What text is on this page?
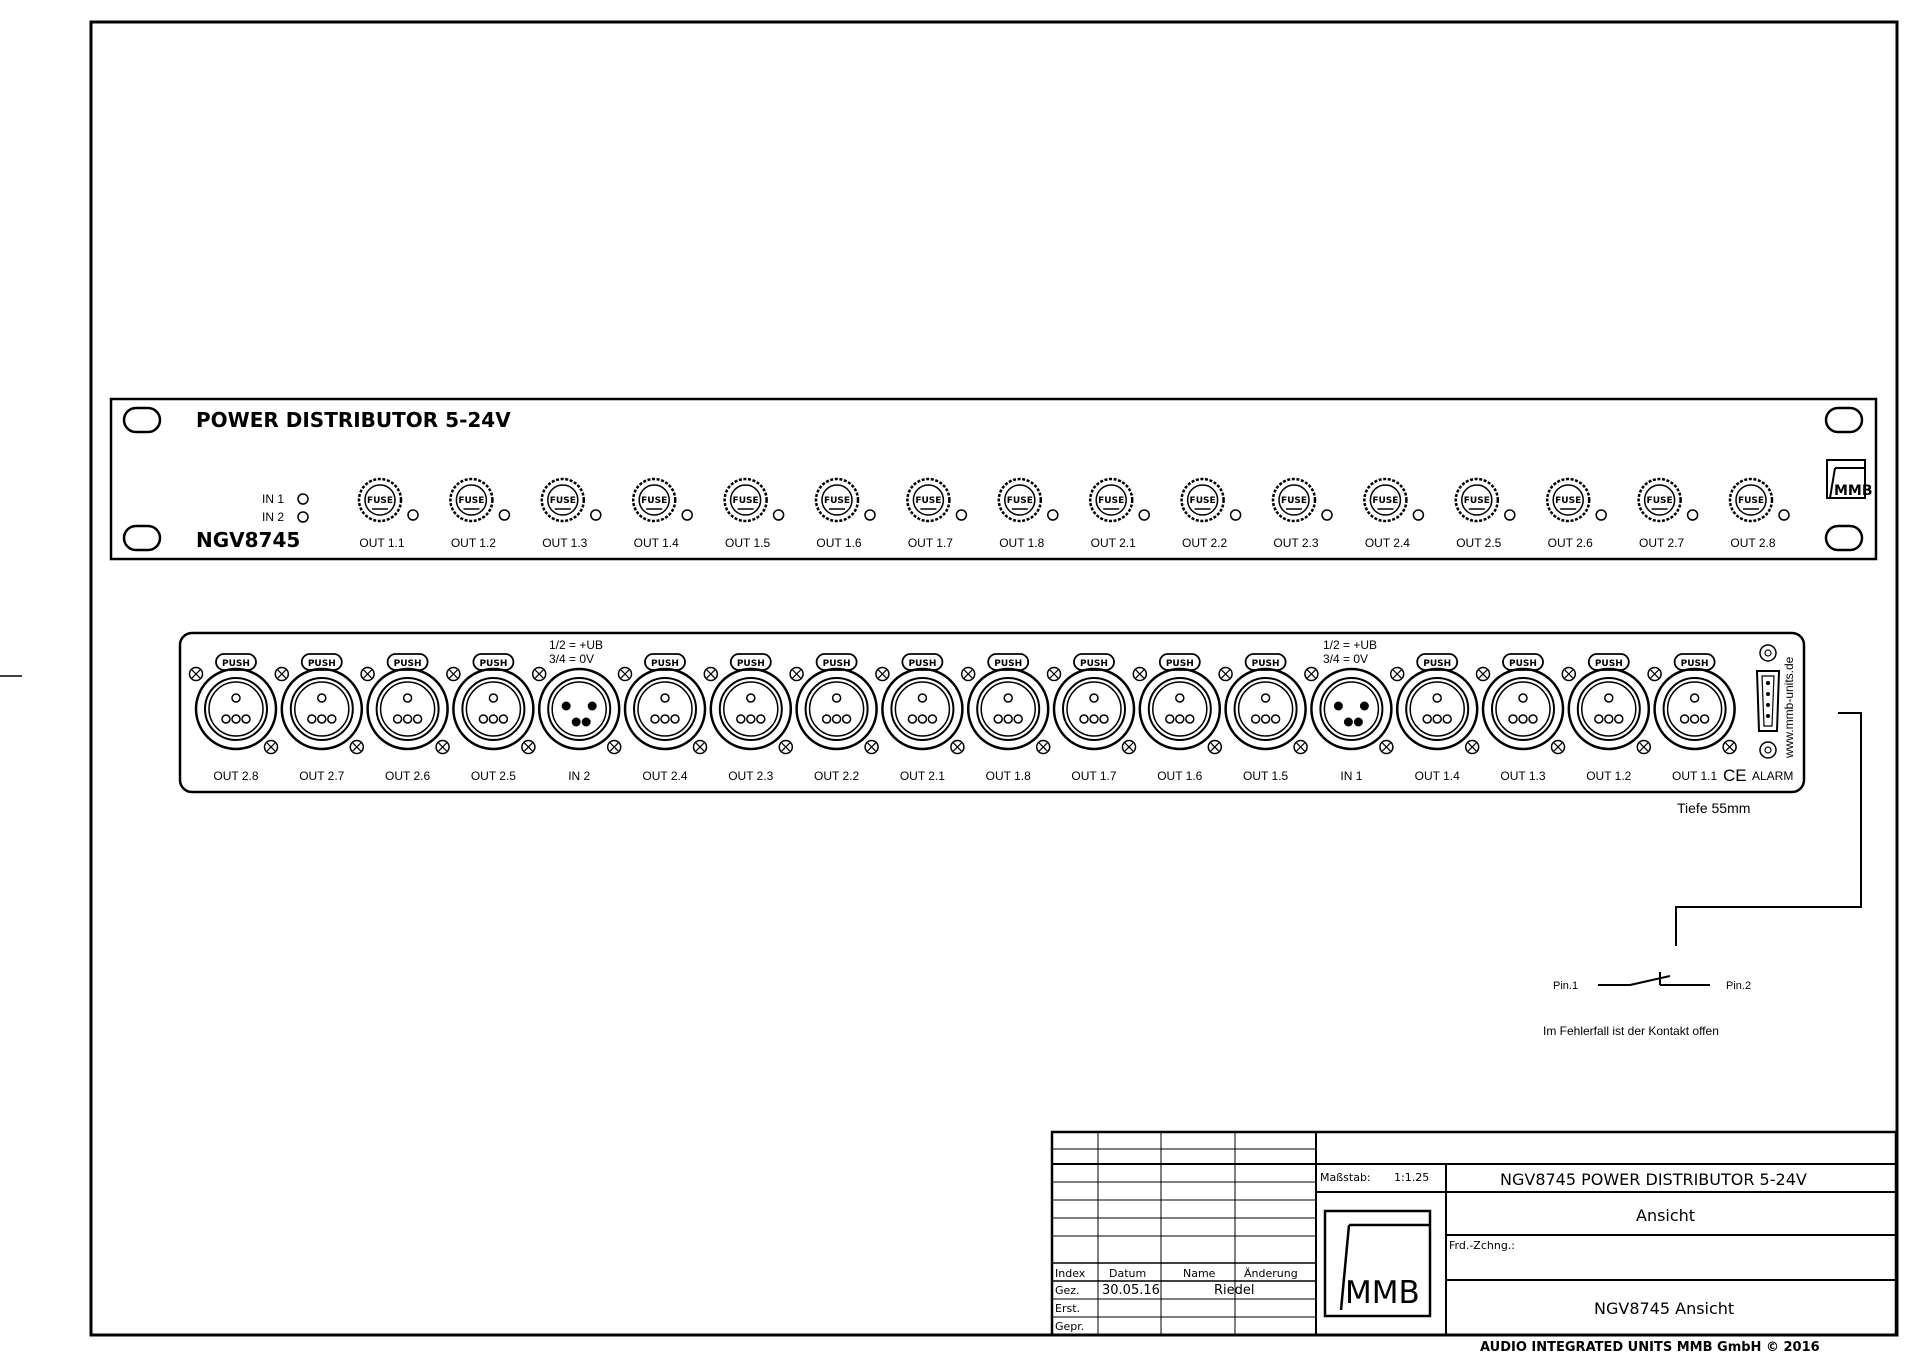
POWER DISTRIBUTOR 5-24V
NGV8745
IN 1
IN 2
FUSE
OUT 1.1
FUSE
OUT 1.2
FUSE
OUT 1.3
FUSE
OUT 1.4
FUSE
OUT 1.5
FUSE
OUT 1.6
FUSE
OUT 1.7
FUSE
OUT 1.8
FUSE
OUT 2.1
FUSE
OUT 2.2
FUSE
OUT 2.3
FUSE
OUT 2.4
FUSE
OUT 2.5
FUSE
OUT 2.6
FUSE
OUT 2.7
FUSE
OUT 2.8
MMB
PUSH
OUT 2.8
PUSH
OUT 2.7
PUSH
OUT 2.6
PUSH
OUT 2.5	IN 2
PUSH
OUT 2.4
PUSH
OUT 2.3
PUSH
OUT 2.2
PUSH
OUT 2.1
PUSH
OUT 1.8
PUSH
OUT 1.7
PUSH
OUT 1.6
PUSH
OUT 1.5	IN 1
PUSH
OUT 1.4
PUSH
OUT 1.3
PUSH
OUT 1.2
PUSH
OUT 1.1
1/2 = +UB
3/4 = 0V
1/2 = +UB
3/4 = 0V	www.mmb-units.de
CE ALARM
Tiefe 55mm
Pin.1	Pin.2
Im Fehlerfall ist der Kontakt offen
MMB
Maßstab: 1:1.25	NGV8745 POWER DISTRIBUTOR 5-24V
Ansicht
Frd.-Zchng.:
NGV8745 Ansicht
Index Datum	Name	Änderung
Gez. 30.05.16	Riedel
Erst.
Gepr.
AUDIO INTEGRATED UNITS MMB GmbH © 2016
